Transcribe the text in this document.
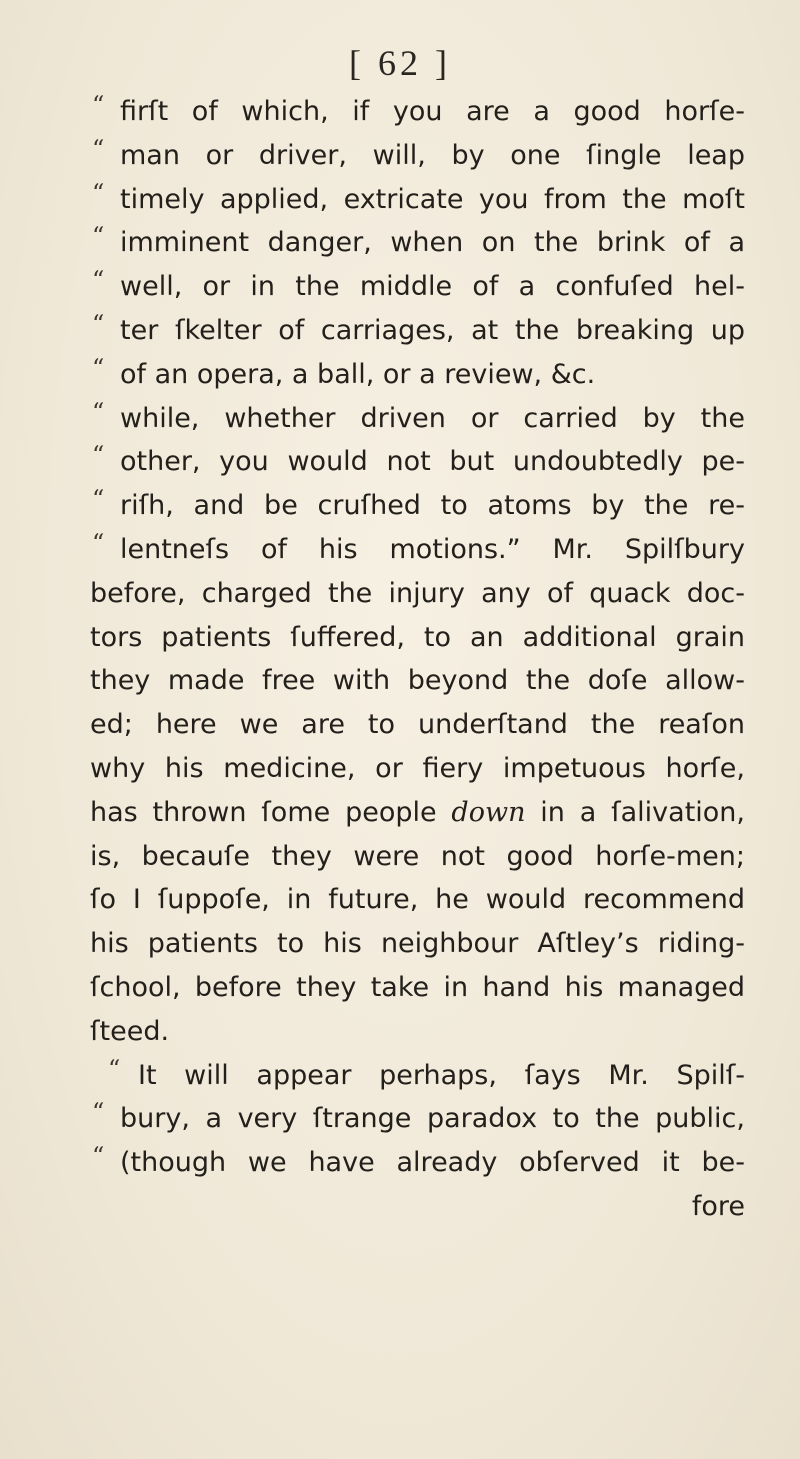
[ 62 ]
“ firſt of which, if you are a good horſe-
“ man or driver, will, by one ſingle leap
“ timely applied, extricate you from the moſt
“ imminent danger, when on the brink of a
“ well, or in the middle of a confuſed hel-
“ ter ſkelter of carriages, at the breaking up
“ of an opera, a ball, or a review, &c.
“ while, whether driven or carried by the
“ other, you would not but undoubtedly pe-
“ riſh, and be cruſhed to atoms by the re-
“ lentneſs of his motions.” Mr. Spilſbury
before, charged the injury any of quack doc-
tors patients ſuffered, to an additional grain
they made free with beyond the doſe allow-
ed; here we are to underſtand the reaſon
why his medicine, or fiery impetuous horſe,
has thrown ſome people down in a ſalivation,
is, becauſe they were not good horſe-men;
ſo I ſuppoſe, in future, he would recommend
his patients to his neighbour Aſtley’s riding-
ſchool, before they take in hand his managed
ſteed.
“ It will appear perhaps, ſays Mr. Spilſ-
“ bury, a very ſtrange paradox to the public,
“ (though we have already obſerved it be-
fore
